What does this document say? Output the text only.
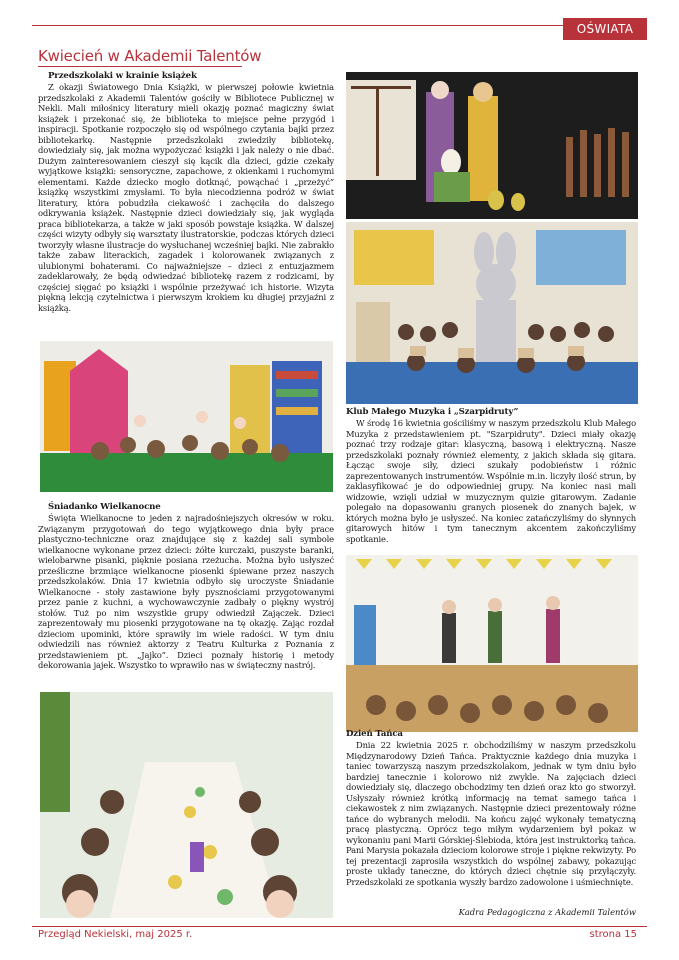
OŚWIATA
Kwiecień w Akademii Talentów
Przedszkolaki w krainie książek

Z okazji Światowego Dnia Książki, w pierwszej połowie kwietnia przedszkolaki z Akademii Talentów gościły w Bibliotece Publicznej w Nekli. Mali miłośnicy literatury mieli okazję poznać magiczny świat książek i przekonać się, że biblioteka to miejsce pełne przygód i inspiracji. Spotkanie rozpoczęło się od wspólnego czytania bajki przez bibliotekarkę. Następnie przedszkolaki zwiedziły bibliotekę, dowiedziały się, jak można wypożyczać książki i jak należy o nie dbać. Dużym zainteresowaniem cieszył się kącik dla dzieci, gdzie czekały wyjątkowe książki: sensoryczne, zapachowe, z okienkami i ruchomymi elementami. Każde dziecko mogło dotknąć, powąchać i „przeżyć” książkę wszystkimi zmysłami. To była niecodzienna podróż w świat literatury, która pobudziła ciekawość i zachęciła do dalszego odkrywania książek. Następnie dzieci dowiedziały się, jak wygląda praca bibliotekarza, a także w jaki sposób powstaje książka. W dalszej części wizyty odbyły się warsztaty ilustratorskie, podczas których dzieci tworzyły własne ilustracje do wysłuchanej wcześniej bajki. Nie zabrakło także zabaw literackich, zagadek i kolorowanek związanych z ulubionymi bohaterami. Co najważniejsze – dzieci z entuzjazmem zadeklarowały, że będą odwiedzać bibliotekę razem z rodzicami, by częściej sięgać po książki i wspólnie przeżywać ich historie. Wizyta piękną lekcją czytelnictwa i pierwszym krokiem ku długiej przyjaźni z książką.

Śniadanko Wielkanocne

Święta Wielkanocne to jeden z najradośniejszych okresów w roku. Związanym przygotowań do tego wyjątkowego dnia były prace plastyczno-techniczne oraz znajdujące się z każdej sali symbole wielkanocne wykonane przez dzieci: żółte kurczaki, puszyste baranki, wielobarwne pisanki, pięknie posiana rzeżucha. Można było usłyszeć prześliczne brzmiące wielkanocne piosenki śpiewane przez naszych przedszkolaków. Dnia 17 kwietnia odbyło się uroczyste Śniadanie Wielkanocne - stoły zastawione były pysznościami przygotowanymi przez panie z kuchni, a wychowawczynie zadbały o piękny wystrój stołów. Tuż po nim wszystkie grupy odwiedził Zajączek. Dzieci zaprezentowały mu piosenki przygotowane na tę okazję. Zając rozdał dzieciom upominki, które sprawiły im wiele radości. W tym dniu odwiedzili nas również aktorzy z Teatru Kulturka z Poznania z przedstawieniem pt. „Jajko”. Dzieci poznały historię i metody dekorowania jajek. Wszystko to wprawiło nas w świąteczny nastrój.

Klub Małego Muzyka i „Szarpidruty”

W środę 16 kwietnia gościliśmy w naszym przedszkolu Klub Małego Muzyka z przedstawieniem pt. "Szarpidruty". Dzieci miały okazję poznać trzy rodzaje gitar: klasyczną, basową i elektryczną. Nasze przedszkolaki poznały również elementy, z jakich składa się gitara. Łącząc swoje siły, dzieci szukały podobieństw i różnic zaprezentowanych instrumentów. Wspólnie m.in. liczyły ilość strun, by zaklasyfikować je do odpowiedniej grupy. Na koniec nasi mali widzowie, wzięli udział w muzycznym quizie gitarowym. Zadanie polegało na dopasowaniu granych piosenek do znanych bajek, w których można było je usłyszeć. Na koniec zatańczyliśmy do słynnych gitarowych hitów i tym tanecznym akcentem zakończyliśmy spotkanie.

Dzień Tańca

Dnia 22 kwietnia 2025 r. obchodziliśmy w naszym przedszkolu Międzynarodowy Dzień Tańca. Praktycznie każdego dnia muzyka i taniec towarzyszą naszym przedszkolakom, jednak w tym dniu było bardziej tanecznie i kolorowo niż zwykle. Na zajęciach dzieci dowiedziały się, dlaczego obchodzimy ten dzień oraz kto go stworzył. Usłyszały również krótką informację na temat samego tańca i ciekawostek z nim związanych. Następnie dzieci prezentowały różne tańce do wybranych melodii. Na końcu zajęć wykonały tematyczną pracę plastyczną. Oprócz tego miłym wydarzeniem był pokaz w wykonaniu pani Marii Górskiej-Ślebioda, która jest instruktorką tańca. Pani Marysia pokazała dzieciom kolorowe stroje i piękne rekwizyty. Po tej prezentacji zaprosiła wszystkich do wspólnej zabawy, pokazując proste układy taneczne, do których dzieci chętnie się przyłączyły. Przedszkolaki ze spotkania wyszły bardzo zadowolone i uśmiechnięte.

Kadra Pedagogiczna z Akademii Talentów
Przegląd Nekielski, maj 2025 r.	strona 15
